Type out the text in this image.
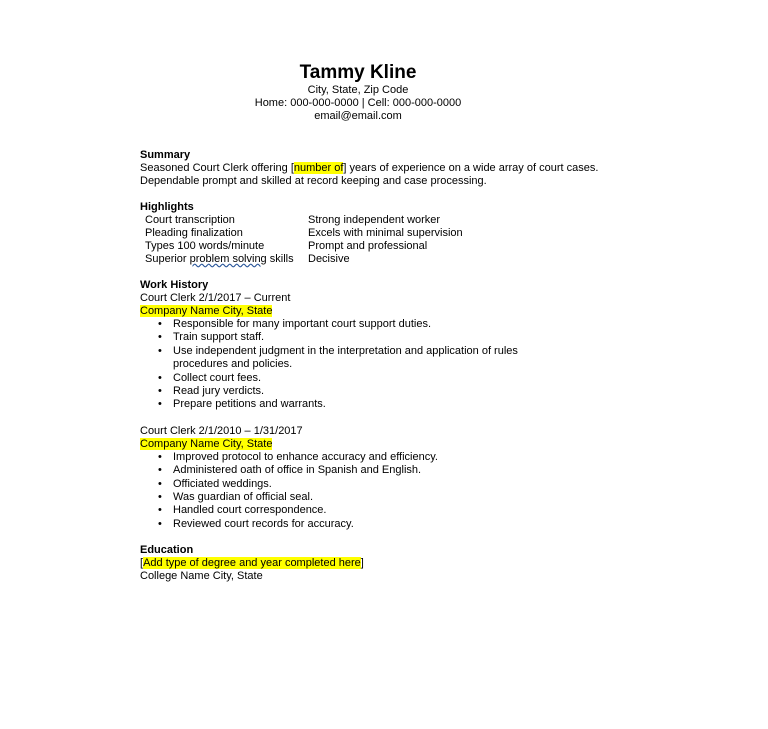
Tammy Kline
City, State, Zip Code
Home: 000-000-0000 | Cell: 000-000-0000
email@email.com
Summary
Seasoned Court Clerk offering [number of] years of experience on a wide array of court cases. Dependable prompt and skilled at record keeping and case processing.
Highlights
Court transcription	Strong independent worker
Pleading finalization	Excels with minimal supervision
Types 100 words/minute	Prompt and professional
Superior problem solving skills	Decisive
Work History
Court Clerk 2/1/2017 – Current
Company Name City, State
• Responsible for many important court support duties.
• Train support staff.
• Use independent judgment in the interpretation and application of rules procedures and policies.
• Collect court fees.
• Read jury verdicts.
• Prepare petitions and warrants.
Court Clerk 2/1/2010 – 1/31/2017
Company Name City, State
• Improved protocol to enhance accuracy and efficiency.
• Administered oath of office in Spanish and English.
• Officiated weddings.
• Was guardian of official seal.
• Handled court correspondence.
• Reviewed court records for accuracy.
Education
[Add type of degree and year completed here]
College Name City, State
